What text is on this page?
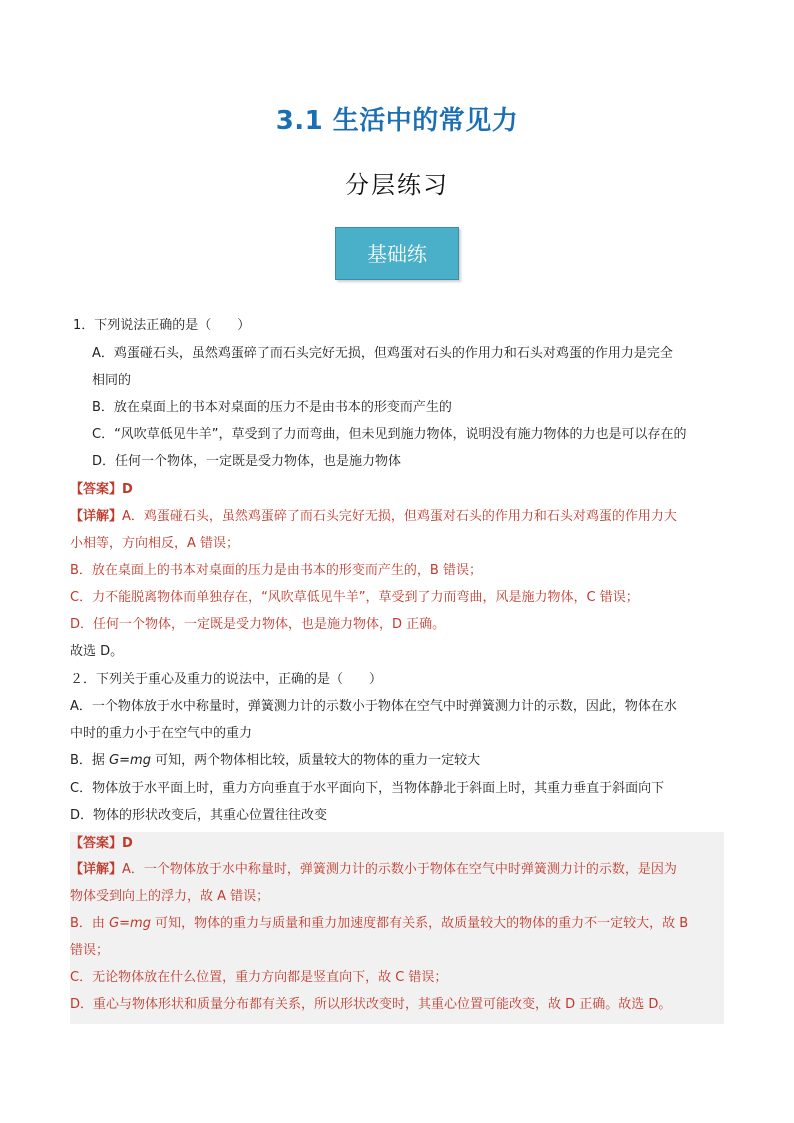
3.1 生活中的常见力
分层练习
基础练
1．下列说法正确的是（　　）
A．鸡蛋碰石头，虽然鸡蛋碎了而石头完好无损，但鸡蛋对石头的作用力和石头对鸡蛋的作用力是完全
相同的
B．放在桌面上的书本对桌面的压力不是由书本的形变而产生的
C．“风吹草低见牛羊”，草受到了力而弯曲，但未见到施力物体，说明没有施力物体的力也是可以存在的
D．任何一个物体，一定既是受力物体，也是施力物体
【答案】D
【详解】A．鸡蛋碰石头，虽然鸡蛋碎了而石头完好无损，但鸡蛋对石头的作用力和石头对鸡蛋的作用力大
小相等，方向相反，A 错误；
B．放在桌面上的书本对桌面的压力是由书本的形变而产生的，B 错误；
C．力不能脱离物体而单独存在，“风吹草低见牛羊”，草受到了力而弯曲，风是施力物体，C 错误；
D．任何一个物体，一定既是受力物体，也是施力物体，D 正确。
故选 D。
２．下列关于重心及重力的说法中，正确的是（　　）
A．一个物体放于水中称量时，弹簧测力计的示数小于物体在空气中时弹簧测力计的示数，因此，物体在水
中时的重力小于在空气中的重力
B．据 G=mg 可知，两个物体相比较，质量较大的物体的重力一定较大
C．物体放于水平面上时，重力方向垂直于水平面向下，当物体静北于斜面上时，其重力垂直于斜面向下
D．物体的形状改变后，其重心位置往往改变
【答案】D
【详解】A．一个物体放于水中称量时，弹簧测力计的示数小于物体在空气中时弹簧测力计的示数，是因为
物体受到向上的浮力，故 A 错误；
B．由 G=mg 可知，物体的重力与质量和重力加速度都有关系，故质量较大的物体的重力不一定较大，故 B
错误；
C．无论物体放在什么位置，重力方向都是竖直向下，故 C 错误；
D．重心与物体形状和质量分布都有关系，所以形状改变时，其重心位置可能改变，故 D 正确。故选 D。
